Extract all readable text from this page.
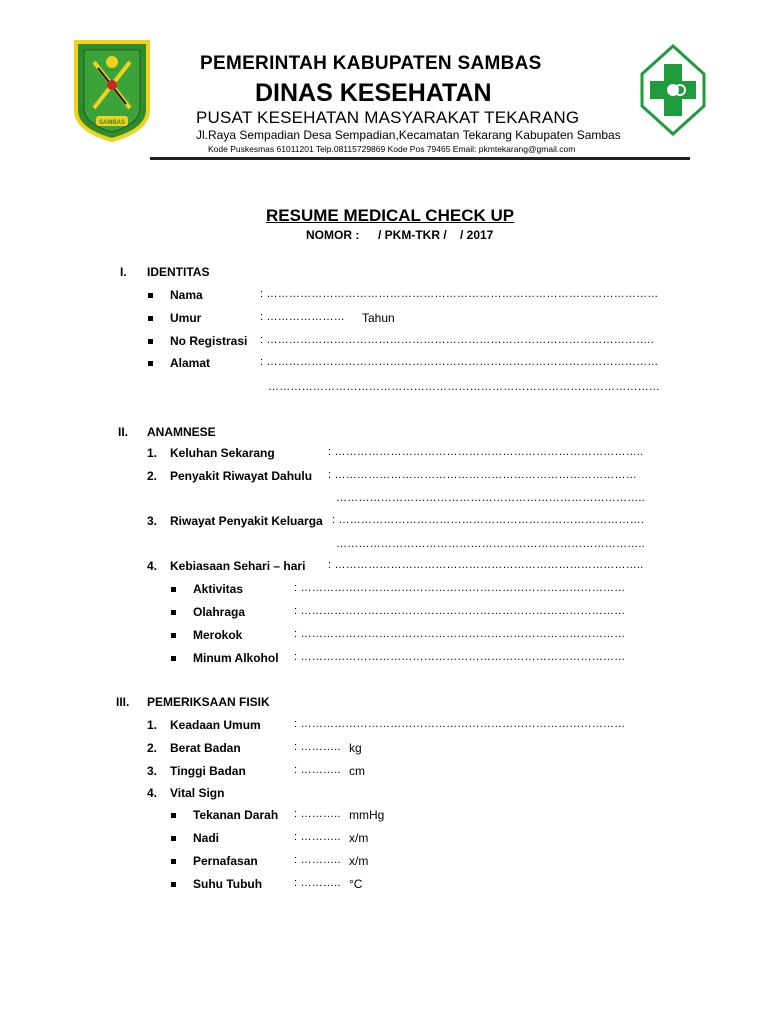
SAMBAS
PEMERINTAH KABUPATEN SAMBAS
DINAS KESEHATAN
PUSAT KESEHATAN MASYARAKAT TEKARANG
Jl.Raya Sempadian Desa Sempadian,Kecamatan Tekarang Kabupaten Sambas
Kode Puskesmas 61011201 Telp.08115729869 Kode Pos 79465 Email: pkmtekarang@gmail.com
RESUME MEDICAL CHECK UP
NOMOR : / PKM-TKR /    / 2017
I. IDENTITAS
Nama	: ……………………………………………………………………………………………
Umur	: ………………… Tahun
No Registrasi : …………………………………………………………………………………………..
Alamat	: ……………………………………………………………………………………………
……………………………………………………………………………………………
II. ANAMNESE
1. Keluhan Sekarang	: ………………………………………………………………………..
2. Penyakit Riwayat Dahulu : ………………………………………………………………………
………………………………………………………………………..
3. Riwayat Penyakit Keluarga : ……………………………………………………………………….
………………………………………………………………………..
4. Kebiasaan Sehari – hari : ………………………………………………………………………..
Aktivitas	: ……………………………………………………………………………
Olahraga	: ……………………………………………………………………………
Merokok	: ……………………………………………………………………………
Minum Alkohol : ……………………………………………………………………………
III. PEMERIKSAAN FISIK
1. Keadaan Umum	: ……………………………………………………………………………
2. Berat Badan	: ……….. kg
3. Tinggi Badan	: ……….. cm
4. Vital Sign
Tekanan Darah : ……….. mmHg
Nadi	: ……….. x/m
Pernafasan	: ……….. x/m
Suhu Tubuh	: ……….. °C
